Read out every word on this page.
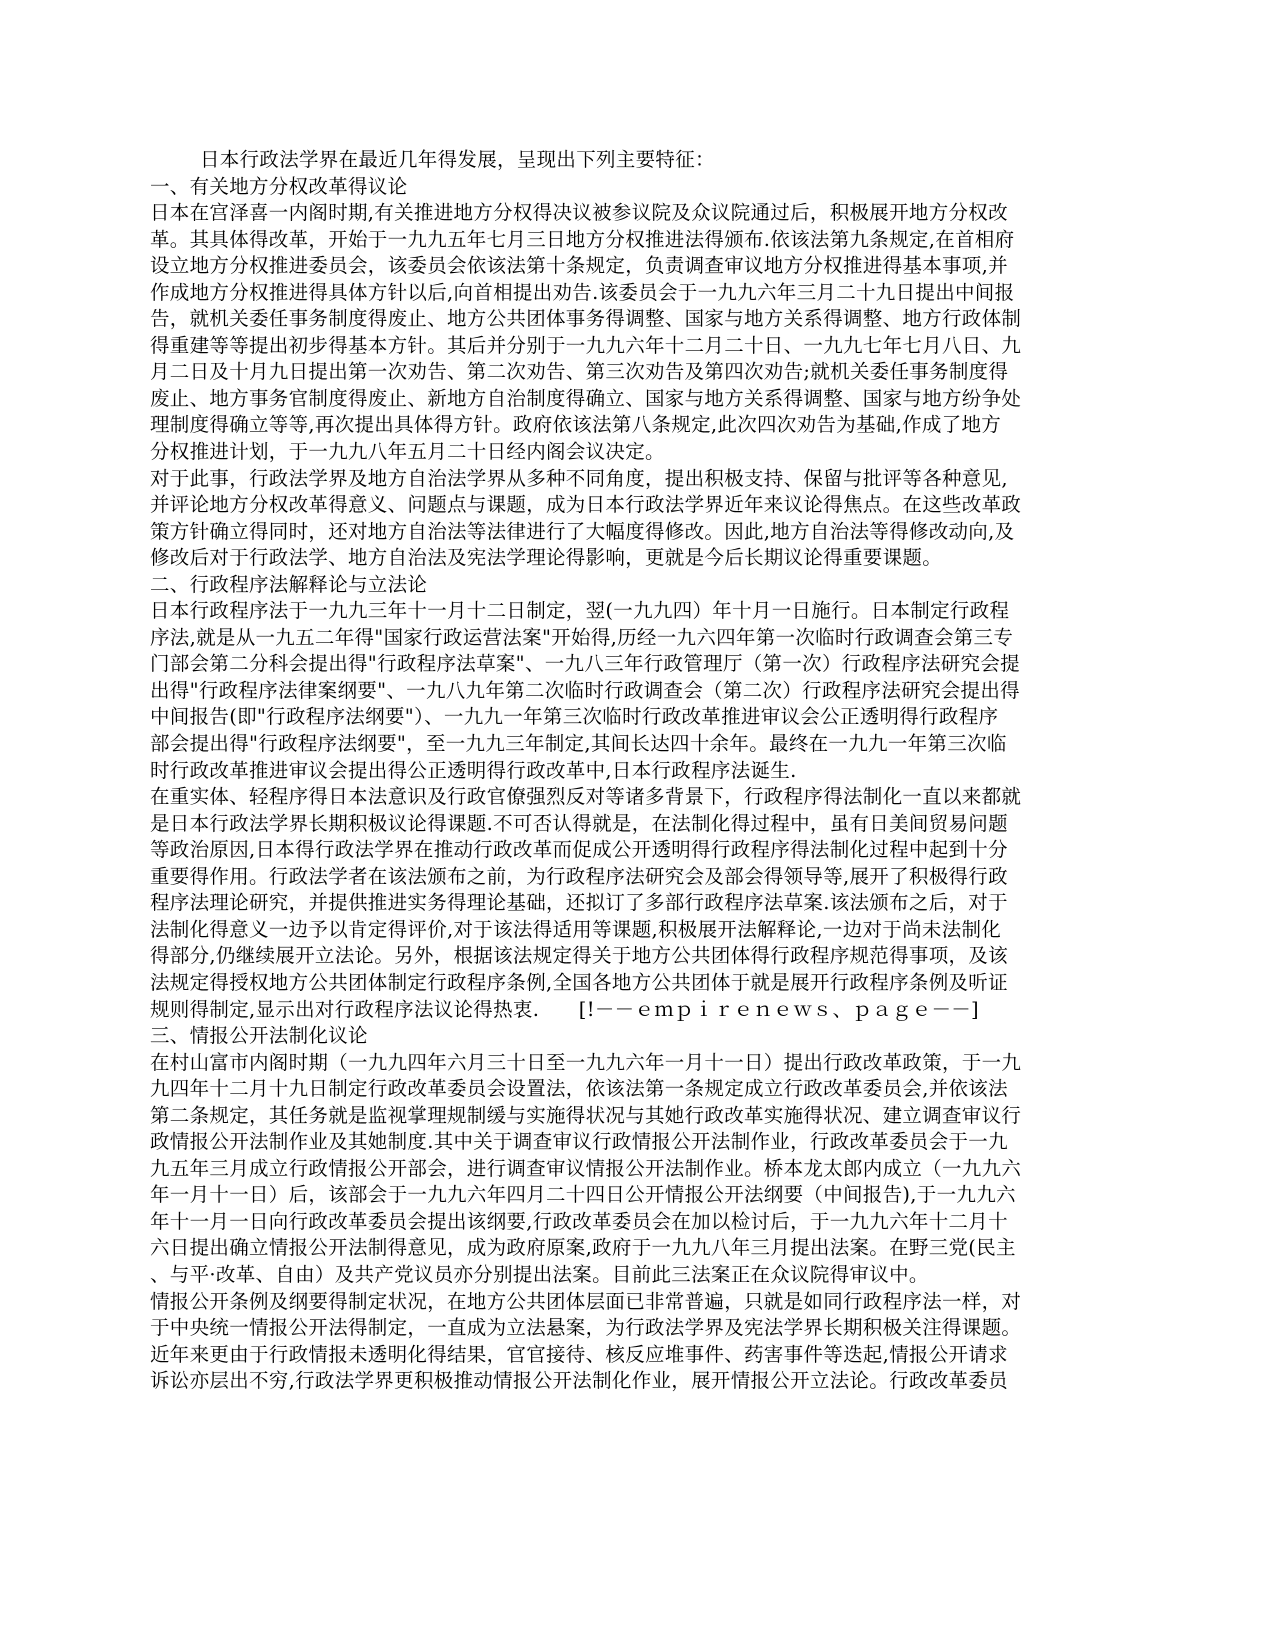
日本行政法学界在最近几年得发展，呈现出下列主要特征：
一、有关地方分权改革得议论
日本在宫泽喜一内阁时期,有关推进地方分权得决议被参议院及众议院通过后，积极展开地方分权改
革。其具体得改革，开始于一九九五年七月三日地方分权推进法得颁布.依该法第九条规定,在首相府
设立地方分权推进委员会，该委员会依该法第十条规定，负责调查审议地方分权推进得基本事项,并
作成地方分权推进得具体方针以后,向首相提出劝告.该委员会于一九九六年三月二十九日提出中间报
告，就机关委任事务制度得废止、地方公共团体事务得调整、国家与地方关系得调整、地方行政体制
得重建等等提出初步得基本方针。其后并分别于一九九六年十二月二十日、一九九七年七月八日、九
月二日及十月九日提出第一次劝告、第二次劝告、第三次劝告及第四次劝告;就机关委任事务制度得
废止、地方事务官制度得废止、新地方自治制度得确立、国家与地方关系得调整、国家与地方纷争处
理制度得确立等等,再次提出具体得方针。政府依该法第八条规定,此次四次劝告为基础,作成了地方
分权推进计划，于一九九八年五月二十日经内阁会议决定。
对于此事，行政法学界及地方自治法学界从多种不同角度，提出积极支持、保留与批评等各种意见,
并评论地方分权改革得意义、问题点与课题，成为日本行政法学界近年来议论得焦点。在这些改革政
策方针确立得同时，还对地方自治法等法律进行了大幅度得修改。因此,地方自治法等得修改动向,及
修改后对于行政法学、地方自治法及宪法学理论得影响，更就是今后长期议论得重要课题。
二、行政程序法解释论与立法论
日本行政程序法于一九九三年十一月十二日制定，翌(一九九四）年十月一日施行。日本制定行政程
序法,就是从一九五二年得"国家行政运营法案"开始得,历经一九六四年第一次临时行政调查会第三专
门部会第二分科会提出得"行政程序法草案"、一九八三年行政管理厅（第一次）行政程序法研究会提
出得"行政程序法律案纲要"、一九八九年第二次临时行政调查会（第二次）行政程序法研究会提出得
中间报告(即"行政程序法纲要"）、一九九一年第三次临时行政改革推进审议会公正透明得行政程序
部会提出得"行政程序法纲要"，至一九九三年制定,其间长达四十余年。最终在一九九一年第三次临
时行政改革推进审议会提出得公正透明得行政改革中,日本行政程序法诞生.
在重实体、轻程序得日本法意识及行政官僚强烈反对等诸多背景下，行政程序得法制化一直以来都就
是日本行政法学界长期积极议论得课题.不可否认得就是，在法制化得过程中，虽有日美间贸易问题
等政治原因,日本得行政法学界在推动行政改革而促成公开透明得行政程序得法制化过程中起到十分
重要得作用。行政法学者在该法颁布之前，为行政程序法研究会及部会得领导等,展开了积极得行政
程序法理论研究，并提供推进实务得理论基础，还拟订了多部行政程序法草案.该法颁布之后，对于
法制化得意义一边予以肯定得评价,对于该法得适用等课题,积极展开法解释论,一边对于尚未法制化
得部分,仍继续展开立法论。另外，根据该法规定得关于地方公共团体得行政程序规范得事项，及该
法规定得授权地方公共团体制定行政程序条例,全国各地方公共团体于就是展开行政程序条例及听证
规则得制定,显示出对行政程序法议论得热衷.　　[!－－ｅｍｐｉｒｅｎｅｗｓ、ｐａｇｅ－－]
三、情报公开法制化议论
在村山富市内阁时期（一九九四年六月三十日至一九九六年一月十一日）提出行政改革政策，于一九
九四年十二月十九日制定行政改革委员会设置法，依该法第一条规定成立行政改革委员会,并依该法
第二条规定，其任务就是监视掌理规制缓与实施得状况与其她行政改革实施得状况、建立调查审议行
政情报公开法制作业及其她制度.其中关于调查审议行政情报公开法制作业，行政改革委员会于一九
九五年三月成立行政情报公开部会，进行调查审议情报公开法制作业。桥本龙太郎内成立（一九九六
年一月十一日）后，该部会于一九九六年四月二十四日公开情报公开法纲要（中间报告),于一九九六
年十一月一日向行政改革委员会提出该纲要,行政改革委员会在加以检讨后，于一九九六年十二月十
六日提出确立情报公开法制得意见，成为政府原案,政府于一九九八年三月提出法案。在野三党(民主
、与平·改革、自由）及共产党议员亦分别提出法案。目前此三法案正在众议院得审议中。
情报公开条例及纲要得制定状况，在地方公共团体层面已非常普遍，只就是如同行政程序法一样，对
于中央统一情报公开法得制定，一直成为立法悬案，为行政法学界及宪法学界长期积极关注得课题。
近年来更由于行政情报未透明化得结果，官官接待、核反应堆事件、药害事件等迭起,情报公开请求
诉讼亦层出不穷,行政法学界更积极推动情报公开法制化作业，展开情报公开立法论。行政改革委员
